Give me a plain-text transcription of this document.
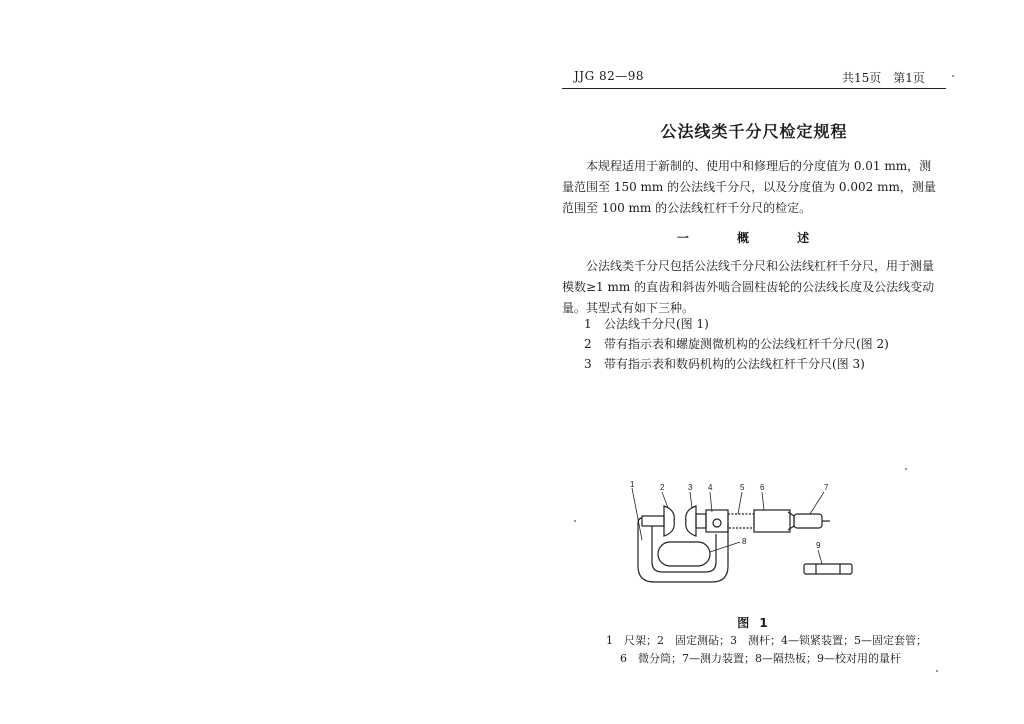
JJG 82—98	共15页　第1页
公法线类千分尺检定规程

本规程适用于新制的、使用中和修理后的分度值为 0.01 mm，测量范围至 150 mm 的公法线千分尺，以及分度值为 0.002 mm，测量范围至 100 mm 的公法线杠杆千分尺的检定。

一 概 述

公法线类千分尺包括公法线千分尺和公法线杠杆千分尺，用于测量模数≥1 mm 的直齿和斜齿外啮合圆柱齿轮的公法线长度及公法线变动量。其型式有如下三种。

1 公法线千分尺(图 1)
2 带有指示表和螺旋测微机构的公法线杠杆千分尺(图 2)
3 带有指示表和数码机构的公法线杠杆千分尺(图 3)
1	2	3 4	5 6	7
8	9
图 1
1　尺架；2　固定测砧；3　测杆；4—锁紧装置；5—固定套管；
6　微分筒；7—测力装置；8—隔热板；9—校对用的量杆
